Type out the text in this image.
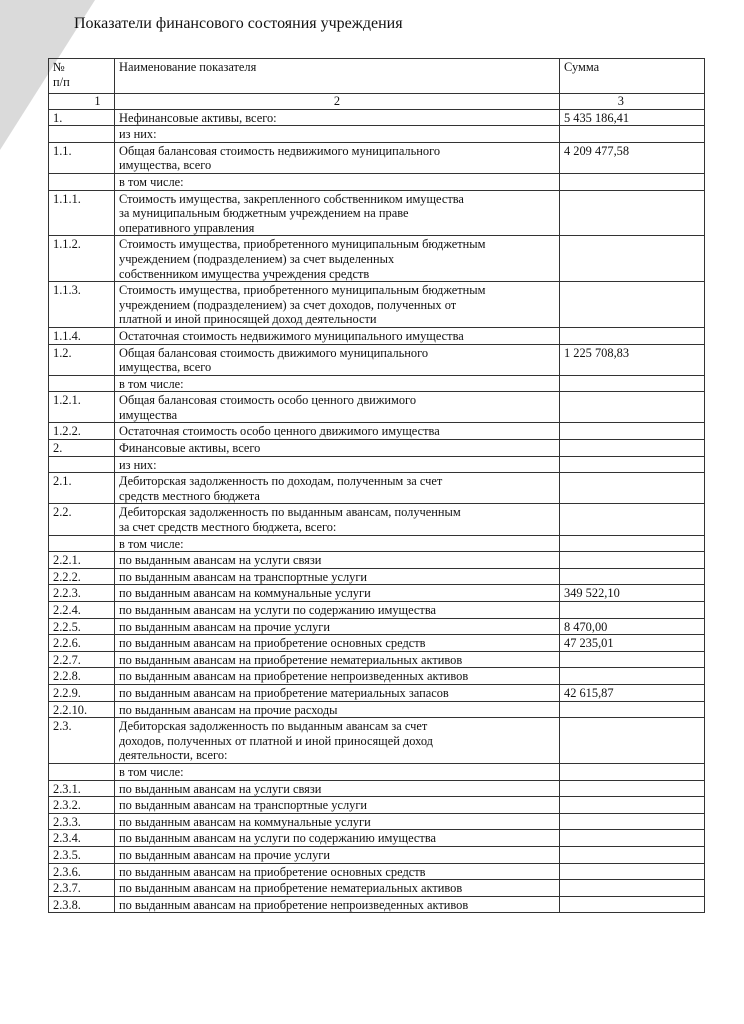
Показатели финансового состояния учреждения
№
п/п	Наименование показателя	Сумма
1	2	3
1.	Нефинансовые активы, всего:	5 435 186,41
	из них:	
1.1.	Общая балансовая стоимость недвижимого муниципального
имущества, всего	4 209 477,58
	в том числе:	
1.1.1.	Стоимость имущества, закрепленного собственником имущества
за муниципальным бюджетным учреждением на праве
оперативного управления	
1.1.2.	Стоимость имущества, приобретенного муниципальным бюджетным
учреждением (подразделением) за счет выделенных
собственником имущества учреждения средств	
1.1.3.	Стоимость имущества, приобретенного муниципальным бюджетным
учреждением (подразделением) за счет доходов, полученных от
платной и иной приносящей доход деятельности	
1.1.4.	Остаточная стоимость недвижимого муниципального имущества	
1.2.	Общая балансовая стоимость движимого муниципального
имущества, всего	1 225 708,83
	в том числе:	
1.2.1.	Общая балансовая стоимость особо ценного движимого
имущества	
1.2.2.	Остаточная стоимость особо ценного движимого имущества	
2.	Финансовые активы, всего	
	из них:	
2.1.	Дебиторская задолженность по доходам, полученным за счет
средств местного бюджета	
2.2.	Дебиторская задолженность по выданным авансам, полученным
за счет средств местного бюджета, всего:	
	в том числе:	
2.2.1.	по выданным авансам на услуги связи	
2.2.2.	по выданным авансам на транспортные услуги	
2.2.3.	по выданным авансам на коммунальные услуги	349 522,10
2.2.4.	по выданным авансам на услуги по содержанию имущества	
2.2.5.	по выданным авансам на прочие услуги	8 470,00
2.2.6.	по выданным авансам на приобретение основных средств	47 235,01
2.2.7.	по выданным авансам на приобретение нематериальных активов	
2.2.8.	по выданным авансам на приобретение непроизведенных активов	
2.2.9.	по выданным авансам на приобретение материальных запасов	42 615,87
2.2.10.	по выданным авансам на прочие расходы	
2.3.	Дебиторская задолженность по выданным авансам за счет
доходов, полученных от платной и иной приносящей доход
деятельности, всего:	
	в том числе:	
2.3.1.	по выданным авансам на услуги связи	
2.3.2.	по выданным авансам на транспортные услуги	
2.3.3.	по выданным авансам на коммунальные услуги	
2.3.4.	по выданным авансам на услуги по содержанию имущества	
2.3.5.	по выданным авансам на прочие услуги	
2.3.6.	по выданным авансам на приобретение основных средств	
2.3.7.	по выданным авансам на приобретение нематериальных активов	
2.3.8.	по выданным авансам на приобретение непроизведенных активов	
